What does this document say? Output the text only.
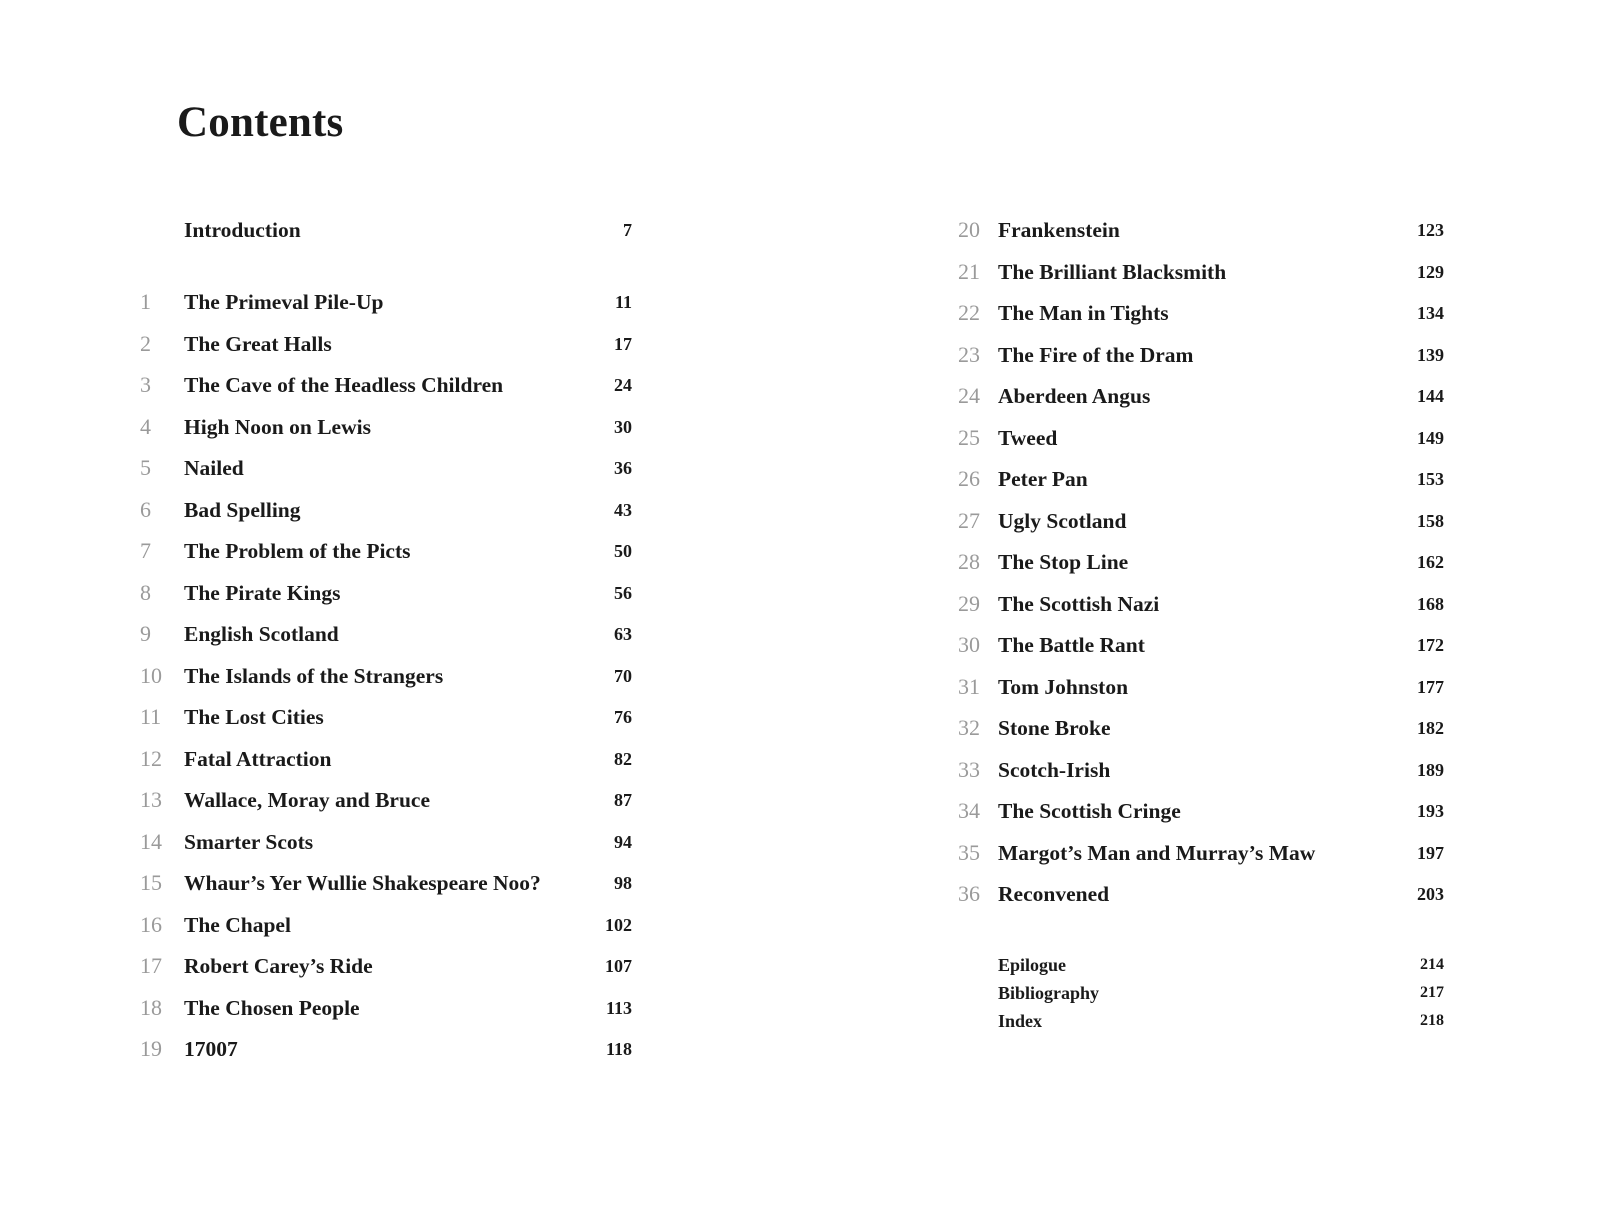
Contents
Introduction	7
1	The Primeval Pile-Up	11
2	The Great Halls	17
3	The Cave of the Headless Children	24
4	High Noon on Lewis	30
5	Nailed	36
6	Bad Spelling	43
7	The Problem of the Picts	50
8	The Pirate Kings	56
9	English Scotland	63
10	The Islands of the Strangers	70
11	The Lost Cities	76
12	Fatal Attraction	82
13	Wallace, Moray and Bruce	87
14	Smarter Scots	94
15	Whaur’s Yer Wullie Shakespeare Noo?	98
16	The Chapel	102
17	Robert Carey’s Ride	107
18	The Chosen People	113
19	17007	118
20 Frankenstein	123
21 The Brilliant Blacksmith	129
22 The Man in Tights	134
23 The Fire of the Dram	139
24 Aberdeen Angus	144
25 Tweed	149
26 Peter Pan	153
27 Ugly Scotland	158
28 The Stop Line	162
29 The Scottish Nazi	168
30 The Battle Rant	172
31 Tom Johnston	177
32 Stone Broke	182
33 Scotch-Irish	189
34 The Scottish Cringe	193
35 Margot’s Man and Murray’s Maw	197
36 Reconvened	203
Epilogue	214
Bibliography	217
Index	218
